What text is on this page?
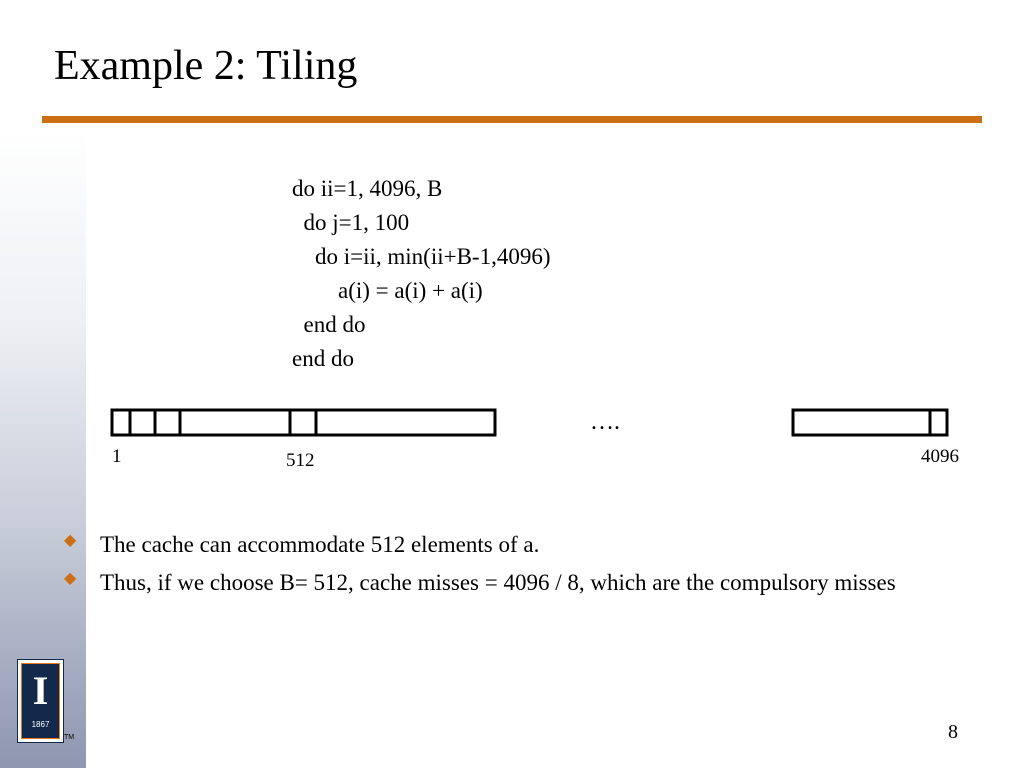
Example 2: Tiling
do ii=1, 4096, B
do j=1, 100
do i=ii, min(ii+B-1,4096)
a(i) = a(i) + a(i)
end do
end do
….
1	512	4096
◆ The cache can accommodate 512 elements of a.
◆ Thus, if we choose B= 512, cache misses = 4096 / 8, which are the compulsory misses
I
1867
TM	8
